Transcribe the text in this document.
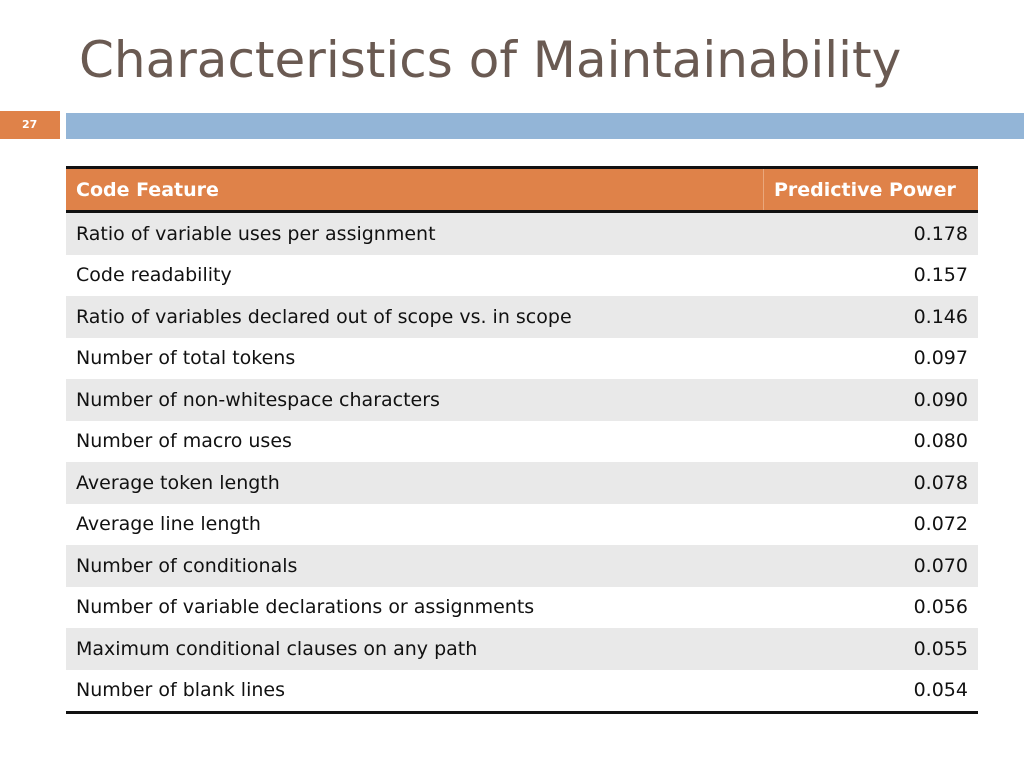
Characteristics of Maintainability
27
Code Feature	Predictive Power
Ratio of variable uses per assignment	0.178
Code readability	0.157
Ratio of variables declared out of scope vs. in scope	0.146
Number of total tokens	0.097
Number of non-whitespace characters	0.090
Number of macro uses	0.080
Average token length	0.078
Average line length	0.072
Number of conditionals	0.070
Number of variable declarations or assignments	0.056
Maximum conditional clauses on any path	0.055
Number of blank lines	0.054
